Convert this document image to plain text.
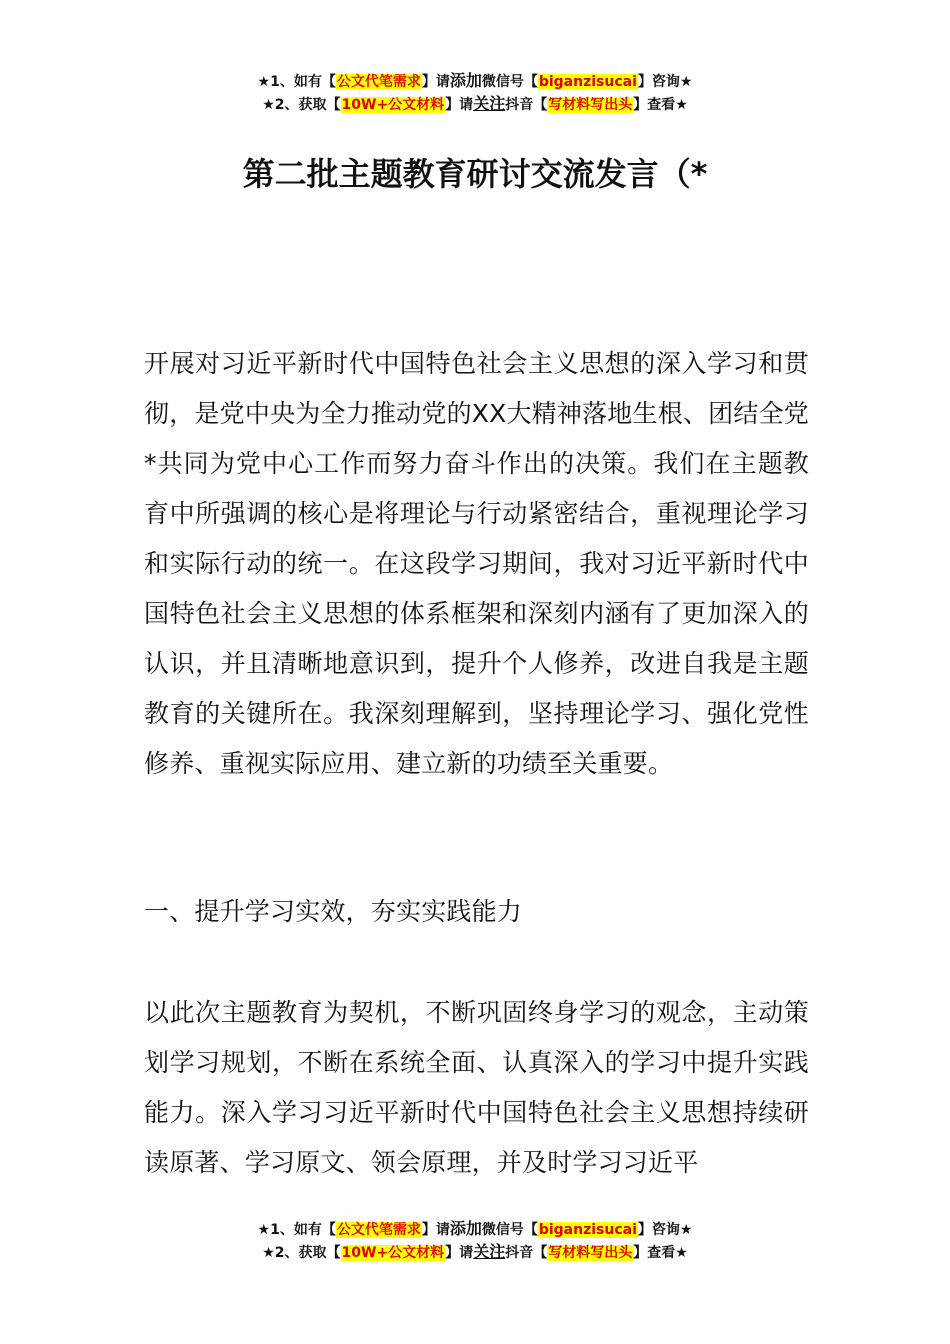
★1、如有【公文代笔需求】请添加微信号【biganzisucai】咨询★
★2、获取【10W+公文材料】请关注抖音【写材料写出头】查看★
第二批主题教育研讨交流发言（*

开展对习近平新时代中国特色社会主义思想的深入学习和贯彻，是党中央为全力推动党的XX大精神落地生根、团结全党*共同为党中心工作而努力奋斗作出的决策。我们在主题教育中所强调的核心是将理论与行动紧密结合，重视理论学习和实际行动的统一。在这段学习期间，我对习近平新时代中国特色社会主义思想的体系框架和深刻内涵有了更加深入的认识，并且清晰地意识到，提升个人修养，改进自我是主题教育的关键所在。我深刻理解到，坚持理论学习、强化党性修养、重视实际应用、建立新的功绩至关重要。

一、提升学习实效，夯实实践能力

以此次主题教育为契机，不断巩固终身学习的观念，主动策划学习规划，不断在系统全面、认真深入的学习中提升实践能力。深入学习习近平新时代中国特色社会主义思想持续研读原著、学习原文、领会原理，并及时学习习近平

★1、如有【公文代笔需求】请添加微信号【biganzisucai】咨询★
★2、获取【10W+公文材料】请关注抖音【写材料写出头】查看★
